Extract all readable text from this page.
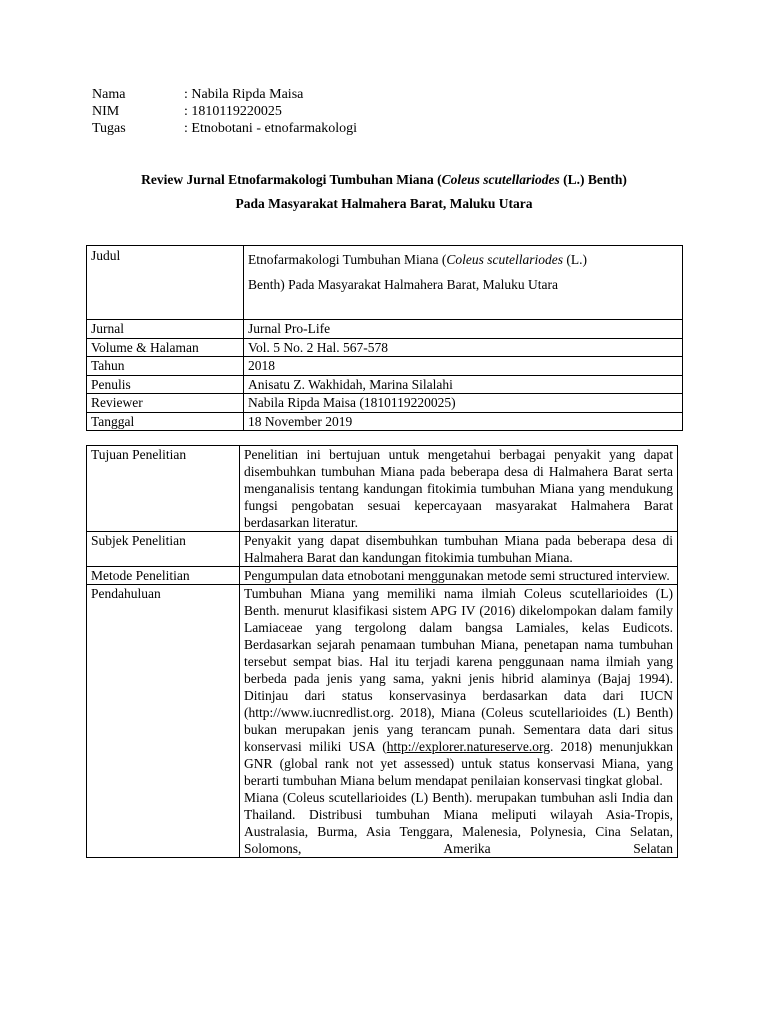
Nama	: Nabila Ripda Maisa
NIM	: 1810119220025
Tugas	: Etnobotani - etnofarmakologi
Review Jurnal Etnofarmakologi Tumbuhan Miana (Coleus scutellariodes (L.) Benth)
Pada Masyarakat Halmahera Barat, Maluku Utara
Judul	Etnofarmakologi Tumbuhan Miana (Coleus scutellariodes (L.)
Benth) Pada Masyarakat Halmahera Barat, Maluku Utara
Jurnal	Jurnal Pro-Life
Volume & Halaman	Vol. 5 No. 2 Hal. 567-578
Tahun	2018
Penulis	Anisatu Z. Wakhidah, Marina Silalahi
Reviewer	Nabila Ripda Maisa (1810119220025)
Tanggal	18 November 2019
Tujuan Penelitian	Penelitian ini bertujuan untuk mengetahui berbagai penyakit yang dapat disembuhkan tumbuhan Miana pada beberapa desa di Halmahera Barat serta menganalisis tentang kandungan fitokimia tumbuhan Miana yang mendukung fungsi pengobatan sesuai kepercayaan masyarakat Halmahera Barat berdasarkan literatur.
Subjek Penelitian	Penyakit yang dapat disembuhkan tumbuhan Miana pada beberapa desa di Halmahera Barat dan kandungan fitokimia tumbuhan Miana.
Metode Penelitian	Pengumpulan data etnobotani menggunakan metode semi structured interview.
Pendahuluan	Tumbuhan Miana yang memiliki nama ilmiah Coleus scutellarioides (L) Benth. menurut klasifikasi sistem APG IV (2016) dikelompokan dalam family Lamiaceae yang tergolong dalam bangsa Lamiales, kelas Eudicots. Berdasarkan sejarah penamaan tumbuhan Miana, penetapan nama tumbuhan tersebut sempat bias. Hal itu terjadi karena penggunaan nama ilmiah yang berbeda pada jenis yang sama, yakni jenis hibrid alaminya (Bajaj 1994). Ditinjau dari status konservasinya berdasarkan data dari IUCN (http://www.iucnredlist.org. 2018), Miana (Coleus scutellarioides (L) Benth) bukan merupakan jenis yang terancam punah. Sementara data dari situs konservasi miliki USA (http://explorer.natureserve.org. 2018) menunjukkan GNR (global rank not yet assessed) untuk status konservasi Miana, yang berarti tumbuhan Miana belum mendapat penilaian konservasi tingkat global.
Miana (Coleus scutellarioides (L) Benth). merupakan tumbuhan asli India dan Thailand. Distribusi tumbuhan Miana meliputi wilayah Asia-Tropis, Australasia, Burma, Asia Tenggara, Malenesia, Polynesia, Cina Selatan, Solomons, Amerika Selatan
